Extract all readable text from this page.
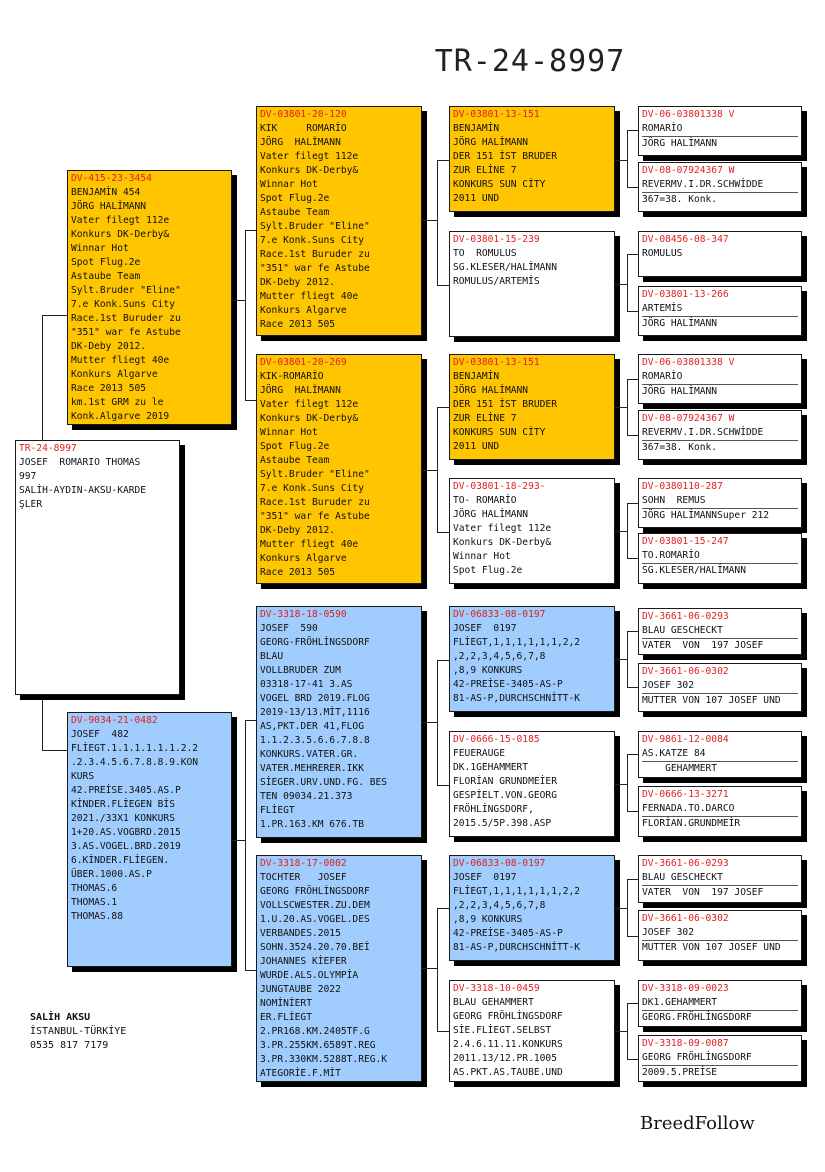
TR-24-8997
TR-24-8997
JOSEF  ROMARIO THOMAS
997
SALİH-AYDIN-AKSU-KARDE
ŞLER
DV-415-23-3454
BENJAMİN 454
JÖRG HALİMANN
Vater filegt 112e
Konkurs DK-Derby&
Winnar Hot
Spot Flug.2e
Astaube Team
Sylt.Bruder "Eline"
7.e Konk.Suns City
Race.1st Buruder zu
"351" war fe Astube
DK-Deby 2012.
Mutter fliegt 40e
Konkurs Algarve
Race 2013 505
km.1st GRM zu le
Konk.Algarve 2019
DV-9034-21-0482
JOSEF  482
FLİEGT.1.1.1.1.1.1.2.2
.2.3.4.5.6.7.8.8.9.KON
KURS
42.PREİSE.3405.AS.P
KİNDER.FLİEGEN BİS
2021./33X1 KONKURS
1+20.AS.VOGBRD.2015
3.AS.VOGEL.BRD.2019
6.KİNDER.FLİEGEN.
ÜBER.1000.AS.P
THOMAS.6
THOMAS.1
THOMAS.88
DV-03801-20-120
KIK     ROMARİO
JÖRG  HALİMANN
Vater filegt 112e
Konkurs DK-Derby&
Winnar Hot
Spot Flug.2e
Astaube Team
Sylt.Bruder "Eline"
7.e Konk.Suns City
Race.1st Buruder zu
"351" war fe Astube
DK-Deby 2012.
Mutter fliegt 40e
Konkurs Algarve
Race 2013 505
DV-03801-20-269
KIK-ROMARİO
JÖRG  HALİMANN
Vater filegt 112e
Konkurs DK-Derby&
Winnar Hot
Spot Flug.2e
Astaube Team
Sylt.Bruder "Eline"
7.e Konk.Suns City
Race.1st Buruder zu
"351" war fe Astube
DK-Deby 2012.
Mutter fliegt 40e
Konkurs Algarve
Race 2013 505
DV-3318-18-0590
JOSEF  590
GEORG-FRÖHLİNGSDORF
BLAU
VOLLBRUDER ZUM
03318-17-41 3.AS
VOGEL BRD 2019.FLOG
2019-13/13.MİT,1116
AS,PKT.DER 41,FLOG
1.1.2.3.5.6.6.7.8.8
KONKURS.VATER.GR.
VATER.MEHRERER.IKK
SİEGER.URV.UND.FG. BES
TEN 09034.21.373
FLİEGT
1.PR.163.KM 676.TB
DV-3318-17-0002
TOCHTER   JOSEF
GEORG FRÖHLİNGSDORF
VOLLSCWESTER.ZU.DEM
1.U.20.AS.VOGEL.DES
VERBANDES.2015
SOHN.3524.20.70.BEİ
JOHANNES KİEFER
WURDE.ALS.OLYMPİA
JUNGTAUBE 2022
NOMİNİERT
ER.FLİEGT
2.PR168.KM.2405TF.G
3.PR.255KM.6589T.REG
3.PR.330KM.5288T.REG.K
ATEGORİE.F.MİT
DV-03801-13-151
BENJAMİN
JÖRG HALİMANN
DER 151 İST BRUDER
ZUR ELİNE 7
KONKURS SUN CİTY
2011 UND
DV-03801-15-239
TO  ROMULUS
SG.KLESER/HALİMANN
ROMULUS/ARTEMİS
DV-03801-13-151
BENJAMİN
JÖRG HALİMANN
DER 151 İST BRUDER
ZUR ELİNE 7
KONKURS SUN CİTY
2011 UND
DV-03801-18-293-
TO- ROMARİO
JÖRG HALİMANN
Vater filegt 112e
Konkurs DK-Derby&
Winnar Hot
Spot Flug.2e
DV-06833-08-0197
JOSEF  0197
FLİEGT,1,1,1,1,1,1,2,2
,2,2,3,4,5,6,7,8
,8,9 KONKURS
42-PREİSE-3405-AS-P
81-AS-P,DURCHSCHNİTT-K
DV-0666-15-0185
FEUERAUGE
DK.1GEHAMMERT
FLORİAN GRUNDMEİER
GESPİELT.VON.GEORG
FRÖHLİNGSDORF,
2015.5/5P.398.ASP
DV-06833-08-0197
JOSEF  0197
FLİEGT,1,1,1,1,1,1,2,2
,2,2,3,4,5,6,7,8
,8,9 KONKURS
42-PREİSE-3405-AS-P
81-AS-P,DURCHSCHNİTT-K
DV-3318-10-0459
BLAU GEHAMMERT
GEORG FRÖHLİNGSDORF
SİE.FLİEGT.SELBST
2.4.6.11.11.KONKURS
2011.13/12.PR.1005
AS.PKT.AS.TAUBE.UND
DV-06-03801338 V
ROMARİO
JÖRG HALİMANN
DV-08-07924367 W
REVERMV.I.DR.SCHWİDDE
367=38. Konk.
DV-08456-08-347
ROMULUS
DV-03801-13-266
ARTEMİS
JÖRG HALİMANN
DV-06-03801338 V
ROMARİO
JÖRG HALİMANN
DV-08-07924367 W
REVERMV.I.DR.SCHWİDDE
367=38. Konk.
DV-0380110-287
SOHN  REMUS
JÖRG HALİMANNSuper 212
DV-03801-15-247
TO.ROMARİO
SG.KLESER/HALİMANN
DV-3661-06-0293
BLAU GESCHECKT
VATER  VON  197 JOSEF
DV-3661-06-0302
JOSEF 302
MUTTER VON 107 JOSEF UND
DV-9861-12-0084
AS.KATZE 84
GEHAMMERT
DV-0666-13-3271
FERNADA.TO.DARCO
FLORİAN.GRUNDMEİR
DV-3661-06-0293
BLAU GESCHECKT
VATER  VON  197 JOSEF
DV-3661-06-0302
JOSEF 302
MUTTER VON 107 JOSEF UND
DV-3318-09-0023
DK1.GEHAMMERT
GEORG.FRÖHLİNGSDORF
DV-3318-09-0087
GEORG FRÖHLİNGSDORF
2009.5.PREİSE
SALİH AKSU
İSTANBUL-TÜRKİYE
0535 817 7179
BreedFollow
